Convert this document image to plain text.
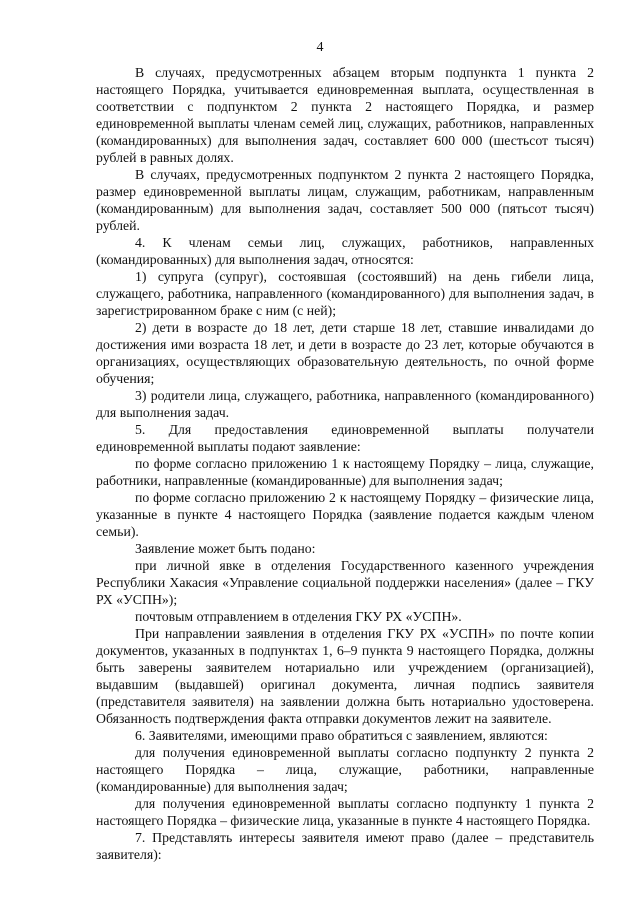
4

В случаях, предусмотренных абзацем вторым подпункта 1 пункта 2 настоящего Порядка, учитывается единовременная выплата, осуществленная в соответствии с подпунктом 2 пункта 2 настоящего Порядка, и размер единовременной выплаты членам семей лиц, служащих, работников, направленных (командированных) для выполнения задач, составляет 600 000 (шестьсот тысяч) рублей в равных долях.

В случаях, предусмотренных подпунктом 2 пункта 2 настоящего Порядка, размер единовременной выплаты лицам, служащим, работникам, направленным (командированным) для выполнения задач, составляет 500 000 (пятьсот тысяч) рублей.

4. К членам семьи лиц, служащих, работников, направленных (командированных) для выполнения задач, относятся:

1) супруга (супруг), состоявшая (состоявший) на день гибели лица, служащего, работника, направленного (командированного) для выполнения задач, в зарегистрированном браке с ним (с ней);

2) дети в возрасте до 18 лет, дети старше 18 лет, ставшие инвалидами до достижения ими возраста 18 лет, и дети в возрасте до 23 лет, которые обучаются в организациях, осуществляющих образовательную деятельность, по очной форме обучения;

3) родители лица, служащего, работника, направленного (командированного) для выполнения задач.

5. Для предоставления единовременной выплаты получатели единовременной выплаты подают заявление:

по форме согласно приложению 1 к настоящему Порядку – лица, служащие, работники, направленные (командированные) для выполнения задач;

по форме согласно приложению 2 к настоящему Порядку – физические лица, указанные в пункте 4 настоящего Порядка (заявление подается каждым членом семьи).

Заявление может быть подано:

при личной явке в отделения Государственного казенного учреждения Республики Хакасия «Управление социальной поддержки населения» (далее – ГКУ РХ «УСПН»);

почтовым отправлением в отделения ГКУ РХ «УСПН».

При направлении заявления в отделения ГКУ РХ «УСПН» по почте копии документов, указанных в подпунктах 1, 6–9 пункта 9 настоящего Порядка, должны быть заверены заявителем нотариально или учреждением (организацией), выдавшим (выдавшей) оригинал документа, личная подпись заявителя (представителя заявителя) на заявлении должна быть нотариально удостоверена. Обязанность подтверждения факта отправки документов лежит на заявителе.

6. Заявителями, имеющими право обратиться с заявлением, являются:

для получения единовременной выплаты согласно подпункту 2 пункта 2 настоящего Порядка – лица, служащие, работники, направленные (командированные) для выполнения задач;

для получения единовременной выплаты согласно подпункту 1 пункта 2 настоящего Порядка – физические лица, указанные в пункте 4 настоящего Порядка.

7. Представлять интересы заявителя имеют право (далее – представитель заявителя):
